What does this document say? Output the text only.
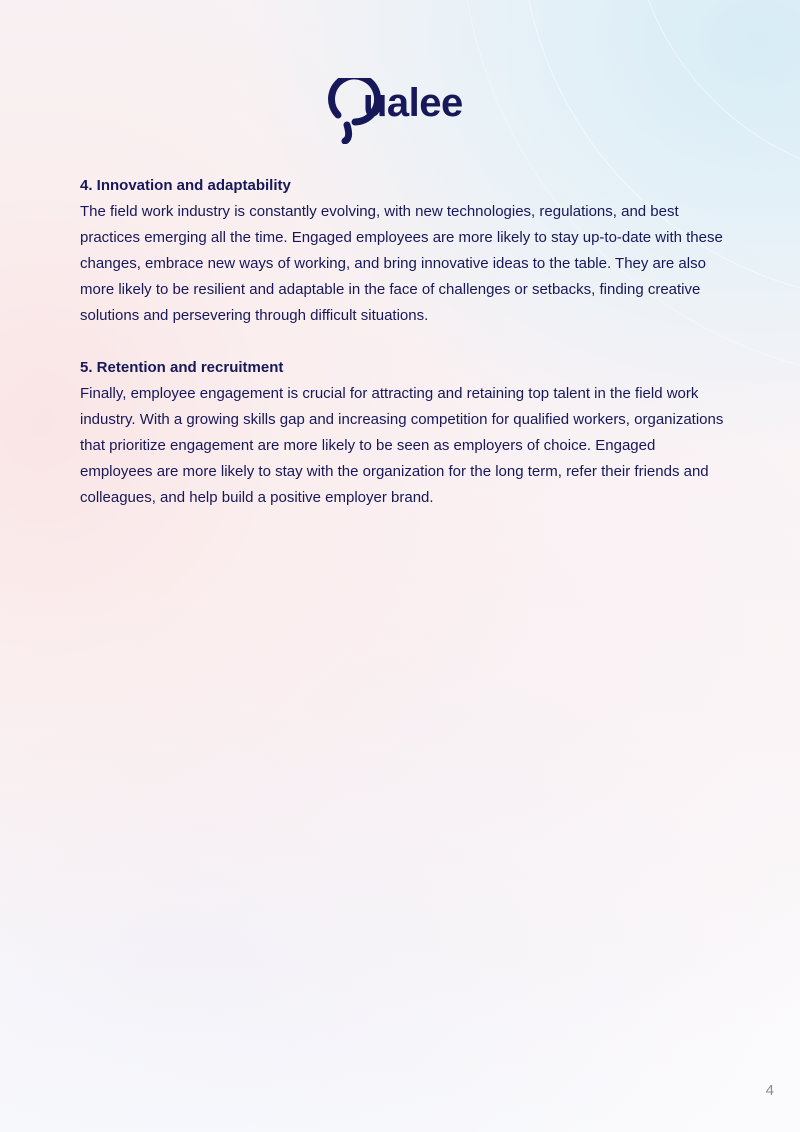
ualee
4. Innovation and adaptability

The field work industry is constantly evolving, with new technologies, regulations, and best practices emerging all the time. Engaged employees are more likely to stay up-to-date with these changes, embrace new ways of working, and bring innovative ideas to the table. They are also more likely to be resilient and adaptable in the face of challenges or setbacks, finding creative solutions and persevering through difficult situations.

5. Retention and recruitment

Finally, employee engagement is crucial for attracting and retaining top talent in the field work industry. With a growing skills gap and increasing competition for qualified workers, organizations that prioritize engagement are more likely to be seen as employers of choice. Engaged employees are more likely to stay with the organization for the long term, refer their friends and colleagues, and help build a positive employer brand.

4
